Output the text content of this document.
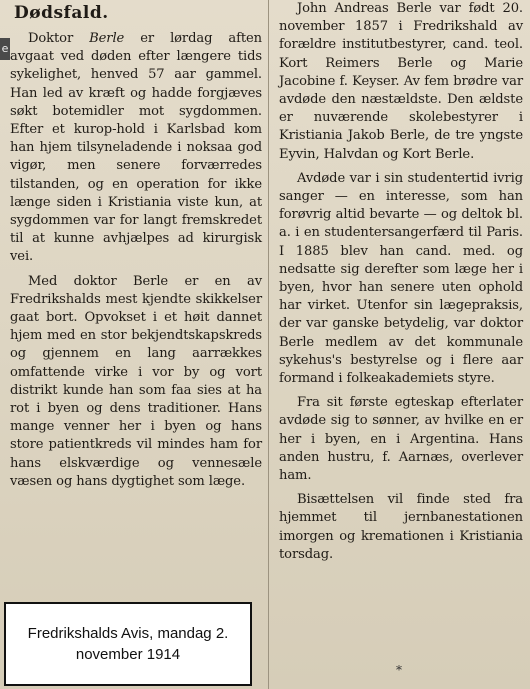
e
Dødsfald.

Doktor Berle er lørdag aften avgaat ved døden efter længere tids sykelighet, henved 57 aar gammel. Han led av kræft og hadde forgjæves søkt botemidler mot sygdommen. Efter et kurop-hold i Karlsbad kom han hjem tilsyneladende i noksaa god vigør, men senere forværredes tilstanden, og en operation for ikke længe siden i Kristiania viste kun, at sygdommen var for langt fremskredet til at kunne avhjælpes ad kirurgisk vei.

Med doktor Berle er en av Fredrikshalds mest kjendte skikkelser gaat bort. Opvokset i et høit dannet hjem med en stor bekjendtskapskreds og gjennem en lang aarrækkes omfattende virke i vor by og vort distrikt kunde han som faa sies at ha rot i byen og dens traditioner. Hans mange venner her i byen og hans store patientkreds vil mindes ham for hans elskværdige og vennesæle væsen og hans dygtighet som læge.

John Andreas Berle var født 20. november 1857 i Fredrikshald av forældre institutbestyrer, cand. teol. Kort Reimers Berle og Marie Jacobine f. Keyser. Av fem brødre var avdøde den næstældste. Den ældste er nuværende skolebestyrer i Kristiania Jakob Berle, de tre yngste Eyvin, Halvdan og Kort Berle.

Avdøde var i sin studentertid ivrig sanger — en interesse, som han forøvrig altid bevarte — og deltok bl. a. i en studentersangerfærd til Paris. I 1885 blev han cand. med. og nedsatte sig derefter som læge her i byen, hvor han senere uten ophold har virket. Utenfor sin lægepraksis, der var ganske betydelig, var doktor Berle medlem av det kommunale sykehus's bestyrelse og i flere aar formand i folkeakademiets styre.

Fra sit første egteskap efterlater avdøde sig to sønner, av hvilke en er her i byen, en i Argentina. Hans anden hustru, f. Aarnæs, overlever ham.

Bisættelsen vil finde sted fra hjemmet til jernbanestationen imorgen og kremationen i Kristiania torsdag.

*
Fredrikshalds Avis, mandag 2.
november 1914
